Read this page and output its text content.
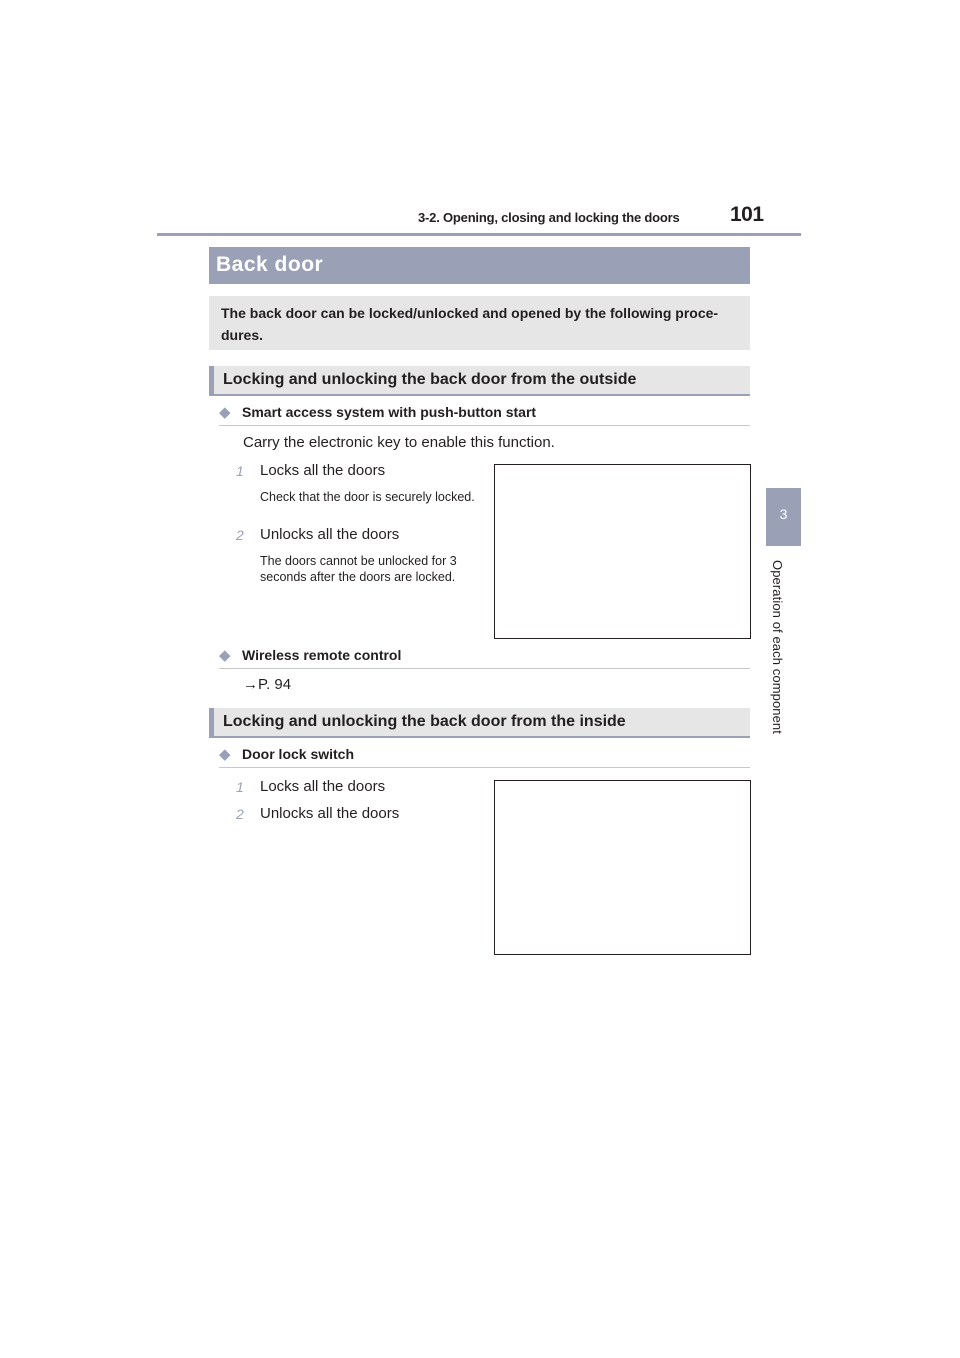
3-2. Opening, closing and locking the doors 101
3
Operation of each component
Back door
The back door can be locked/unlocked and opened by the following proce-dures.
Locking and unlocking the back door from the outside
◆ Smart access system with push-button start
Carry the electronic key to enable this function.
1	Locks all the doors
Check that the door is securely locked.
2	Unlocks all the doors
The doors cannot be unlocked for 3 seconds after the doors are locked.
◆ Wireless remote control
→P. 94
Locking and unlocking the back door from the inside
◆ Door lock switch
1	Locks all the doors
2	Unlocks all the doors
